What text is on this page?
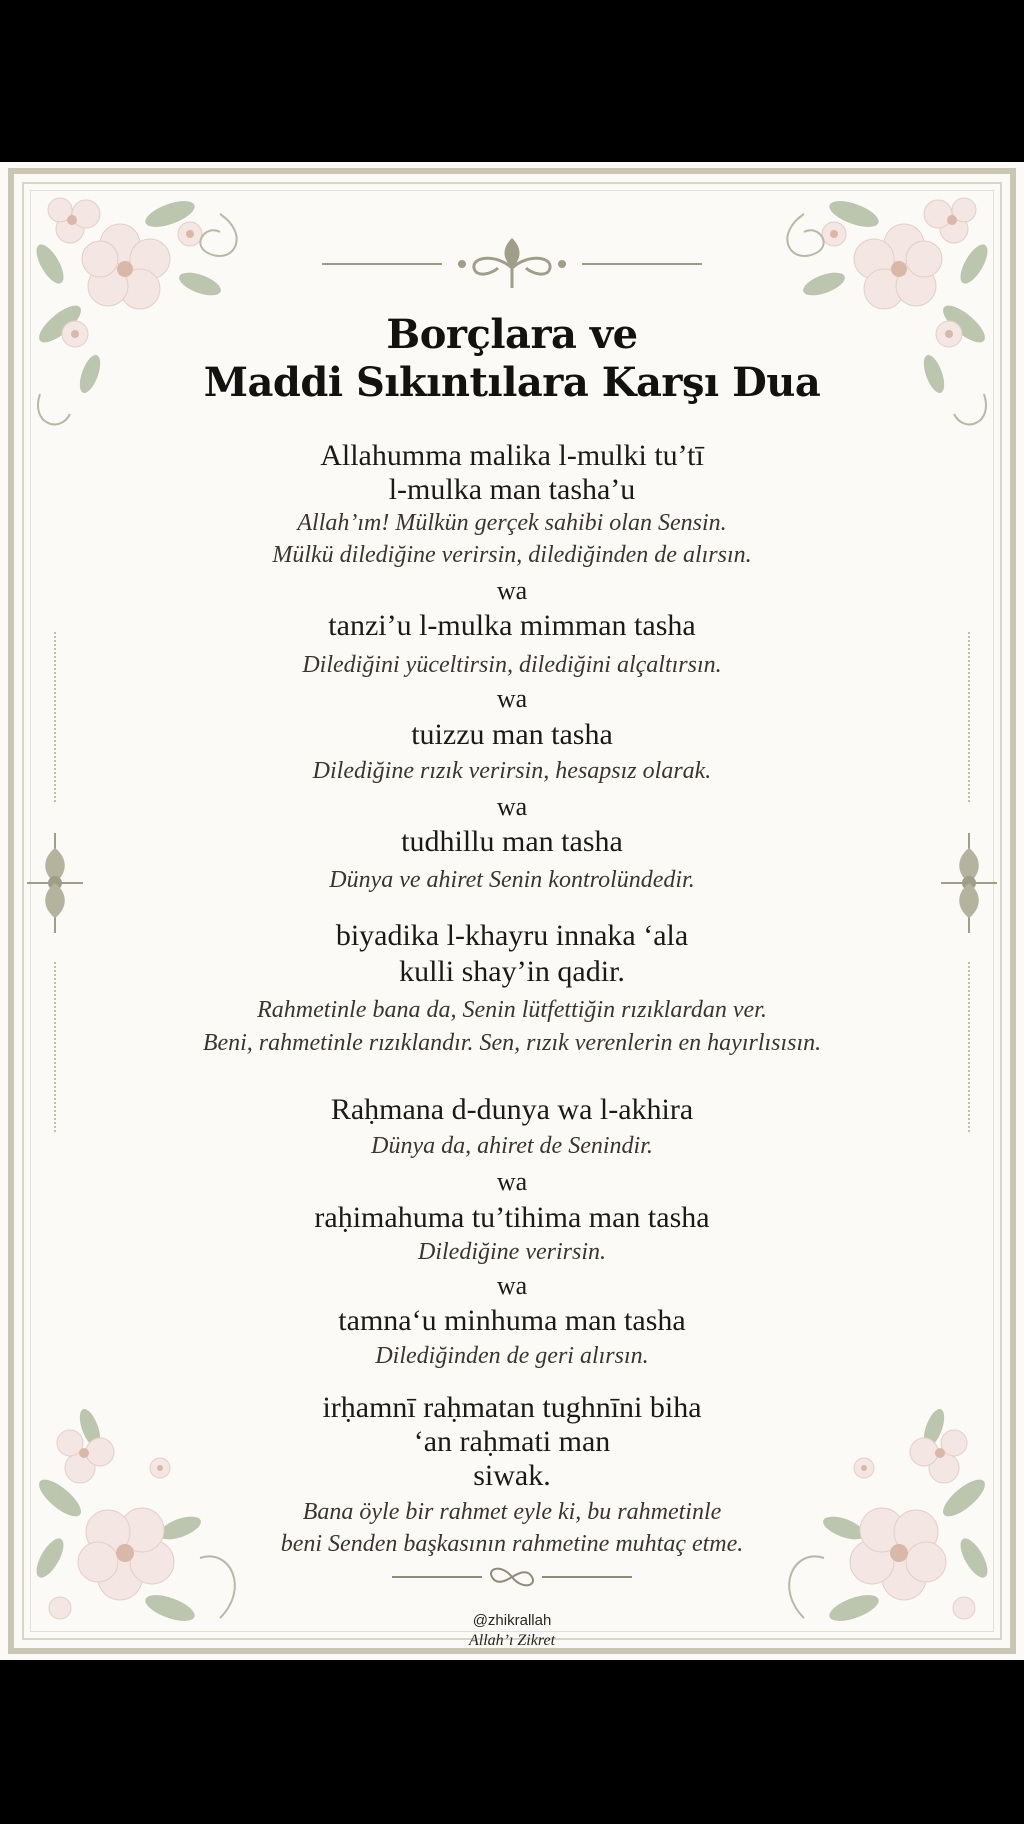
Borçlara ve
Maddi Sıkıntılara Karşı Dua
Allahumma malika l-mulki tu’tī
l-mulka man tasha’u
Allah’ım! Mülkün gerçek sahibi olan Sensin.
Mülkü dilediğine verirsin, dilediğinden de alırsın.
wa
tanzi’u l-mulka mimman tasha
Dilediğini yüceltirsin, dilediğini alçaltırsın.
wa
tuizzu man tasha
Dilediğine rızık verirsin, hesapsız olarak.
wa
tudhillu man tasha
Dünya ve ahiret Senin kontrolündedir.
biyadika l-khayru innaka ‘ala
kulli shay’in qadir.
Rahmetinle bana da, Senin lütfettiğin rızıklardan ver.
Beni, rahmetinle rızıklandır. Sen, rızık verenlerin en hayırlısısın.
Raḥmana d-dunya wa l-akhira
Dünya da, ahiret de Senindir.
wa
raḥimahuma tu’tihima man tasha
Dilediğine verirsin.
wa
tamna‘u minhuma man tasha
Dilediğinden de geri alırsın.
irḥamnī raḥmatan tughnīni biha
‘an raḥmati man
siwak.
Bana öyle bir rahmet eyle ki, bu rahmetinle
beni Senden başkasının rahmetine muhtaç etme.
@zhikrallah
Allah’ı Zikret
